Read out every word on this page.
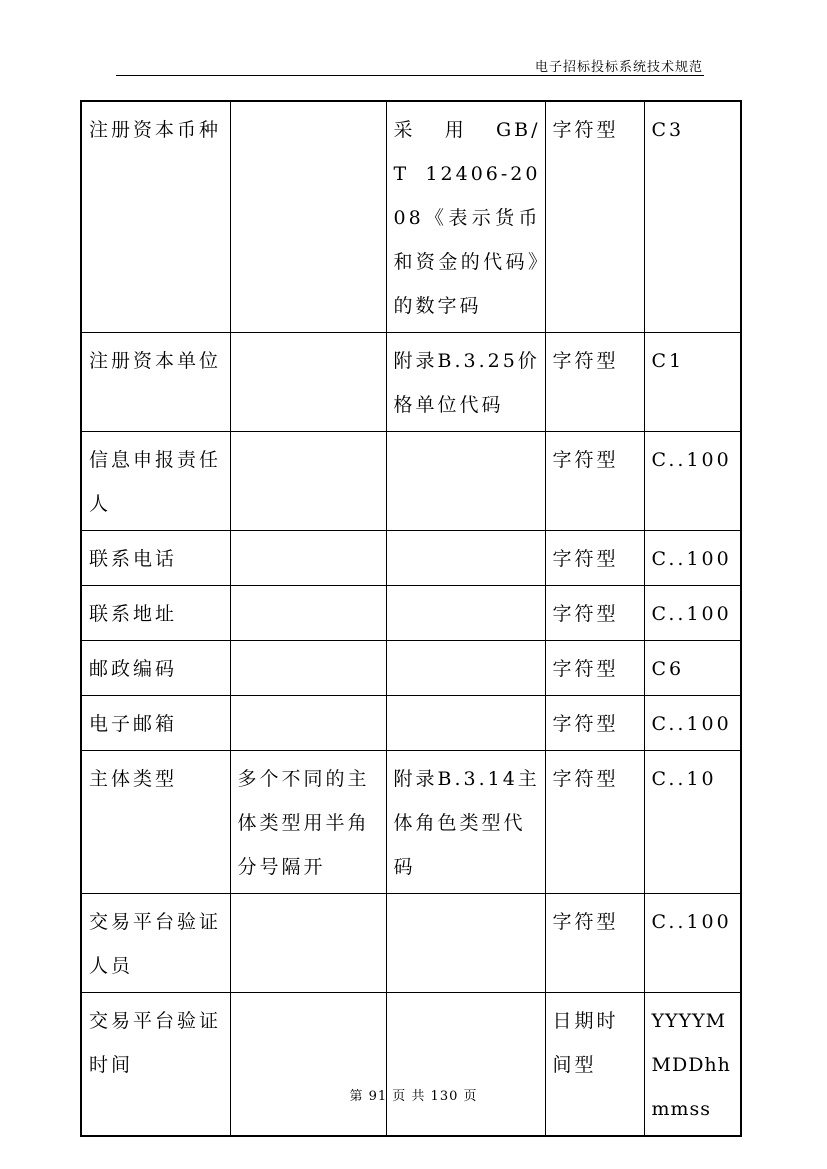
电子招标投标系统技术规范
注册资本币种		采　用　GB/T 12406-2008《表示货币和资金的代码》的数字码	字符型	C3
注册资本单位		附录B.3.25价格单位代码	字符型	C1
信息申报责任人			字符型	C..100
联系电话			字符型	C..100
联系地址			字符型	C..100
邮政编码			字符型	C6
电子邮箱			字符型	C..100
主体类型	多个不同的主体类型用半角分号隔开	附录B.3.14主体角色类型代码	字符型	C..10
交易平台验证人员			字符型	C..100
交易平台验证时间			日期时间型	YYYYMMDDhhmmss
第 91 页 共 130 页
